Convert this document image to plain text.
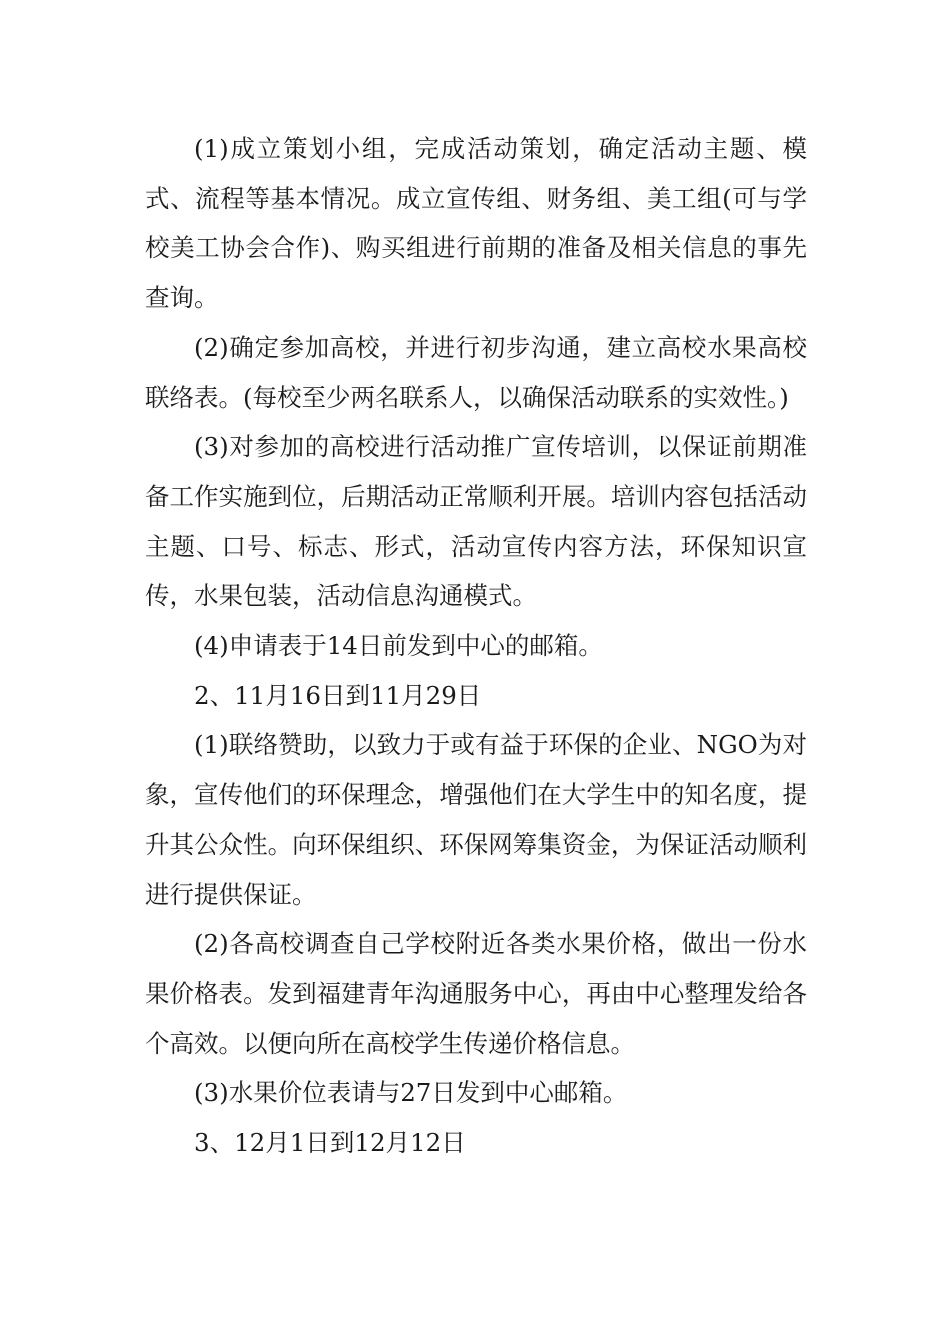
(1)成立策划小组，完成活动策划，确定活动主题、模式、流程等基本情况。成立宣传组、财务组、美工组(可与学校美工协会合作)、购买组进行前期的准备及相关信息的事先查询。

(2)确定参加高校，并进行初步沟通，建立高校水果高校联络表。(每校至少两名联系人，以确保活动联系的实效性。)

(3)对参加的高校进行活动推广宣传培训，以保证前期准备工作实施到位，后期活动正常顺利开展。培训内容包括活动主题、口号、标志、形式，活动宣传内容方法，环保知识宣传，水果包装，活动信息沟通模式。

(4)申请表于14日前发到中心的邮箱。

2、11月16日到11月29日

(1)联络赞助，以致力于或有益于环保的企业、NGO为对象，宣传他们的环保理念，增强他们在大学生中的知名度，提升其公众性。向环保组织、环保网筹集资金，为保证活动顺利进行提供保证。

(2)各高校调查自己学校附近各类水果价格，做出一份水果价格表。发到福建青年沟通服务中心，再由中心整理发给各个高效。以便向所在高校学生传递价格信息。

(3)水果价位表请与27日发到中心邮箱。

3、12月1日到12月12日
